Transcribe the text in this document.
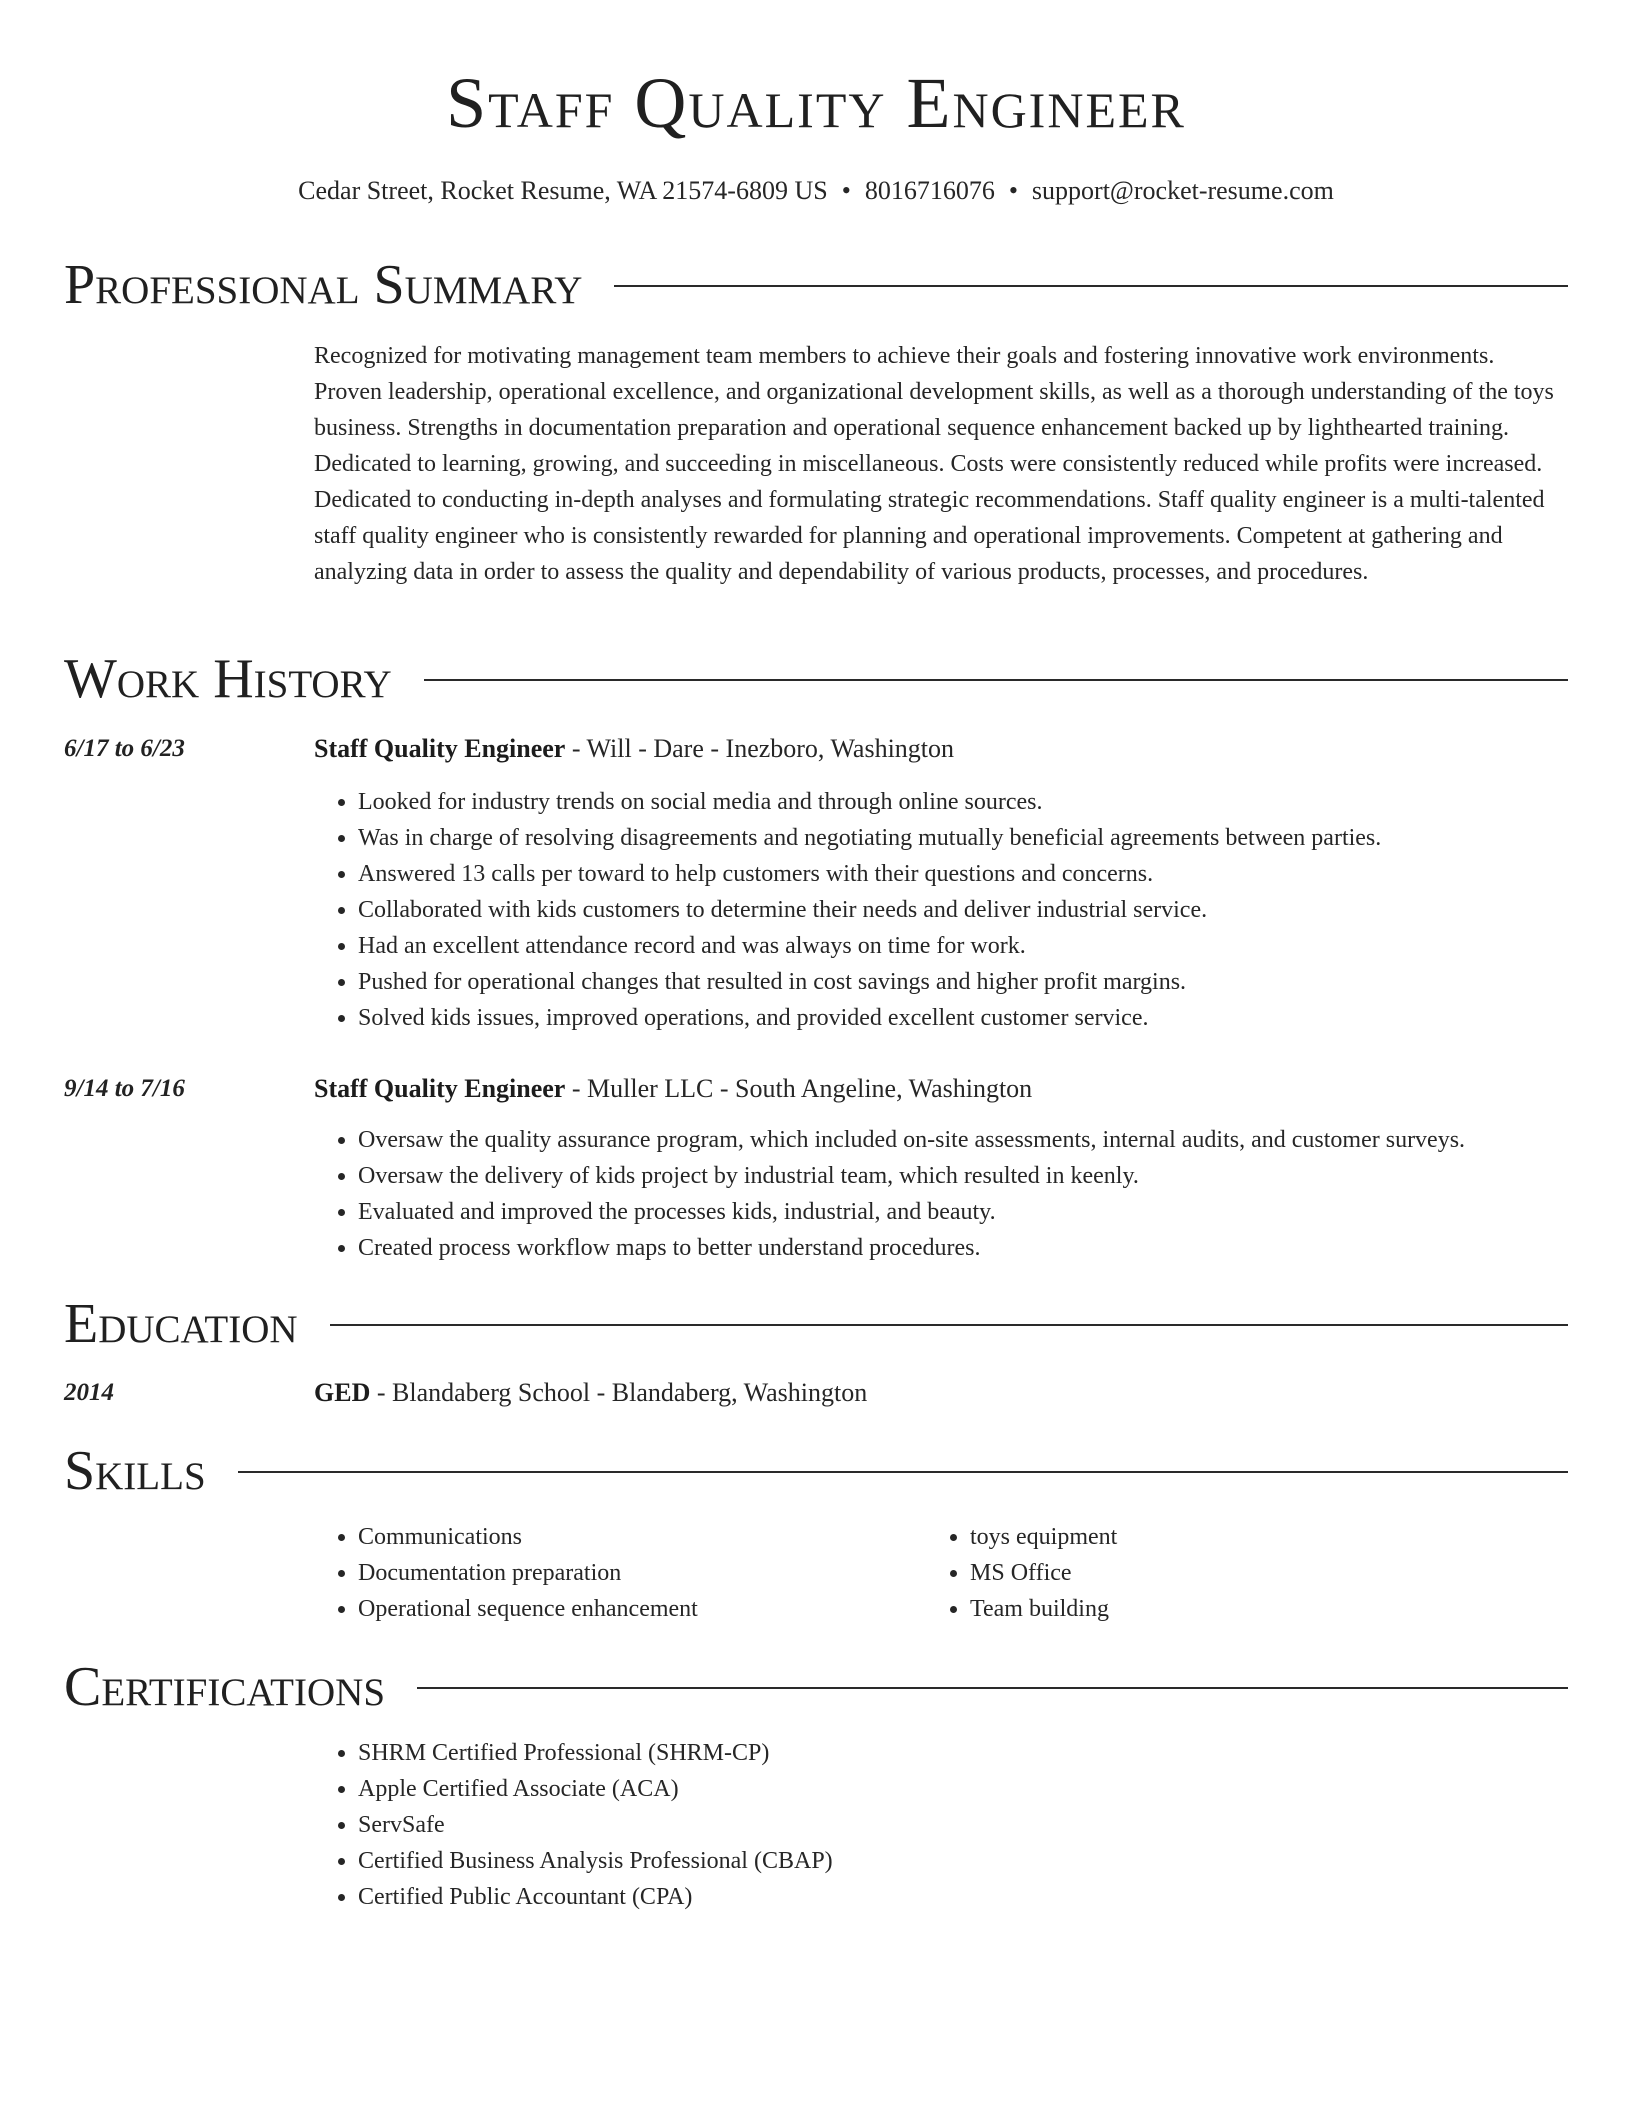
Staff Quality Engineer
Cedar Street, Rocket Resume, WA 21574-6809 US • 8016716076 • support@rocket-resume.com
Professional Summary
Recognized for motivating management team members to achieve their goals and fostering innovative work environments. Proven leadership, operational excellence, and organizational development skills, as well as a thorough understanding of the toys business. Strengths in documentation preparation and operational sequence enhancement backed up by lighthearted training. Dedicated to learning, growing, and succeeding in miscellaneous. Costs were consistently reduced while profits were increased. Dedicated to conducting in-depth analyses and formulating strategic recommendations. Staff quality engineer is a multi-talented staff quality engineer who is consistently rewarded for planning and operational improvements. Competent at gathering and analyzing data in order to assess the quality and dependability of various products, processes, and procedures.
Work History
6/17 to 6/23	Staff Quality Engineer - Will - Dare - Inezboro, Washington
• Looked for industry trends on social media and through online sources.
• Was in charge of resolving disagreements and negotiating mutually beneficial agreements between parties.
• Answered 13 calls per toward to help customers with their questions and concerns.
• Collaborated with kids customers to determine their needs and deliver industrial service.
• Had an excellent attendance record and was always on time for work.
• Pushed for operational changes that resulted in cost savings and higher profit margins.
• Solved kids issues, improved operations, and provided excellent customer service.
9/14 to 7/16	Staff Quality Engineer - Muller LLC - South Angeline, Washington
• Oversaw the quality assurance program, which included on-site assessments, internal audits, and customer surveys.
• Oversaw the delivery of kids project by industrial team, which resulted in keenly.
• Evaluated and improved the processes kids, industrial, and beauty.
• Created process workflow maps to better understand procedures.
Education
2014	GED - Blandaberg School - Blandaberg, Washington
Skills
• Communications
• Documentation preparation
• Operational sequence enhancement
• toys equipment
• MS Office
• Team building
Certifications
• SHRM Certified Professional (SHRM-CP)
• Apple Certified Associate (ACA)
• ServSafe
• Certified Business Analysis Professional (CBAP)
• Certified Public Accountant (CPA)
